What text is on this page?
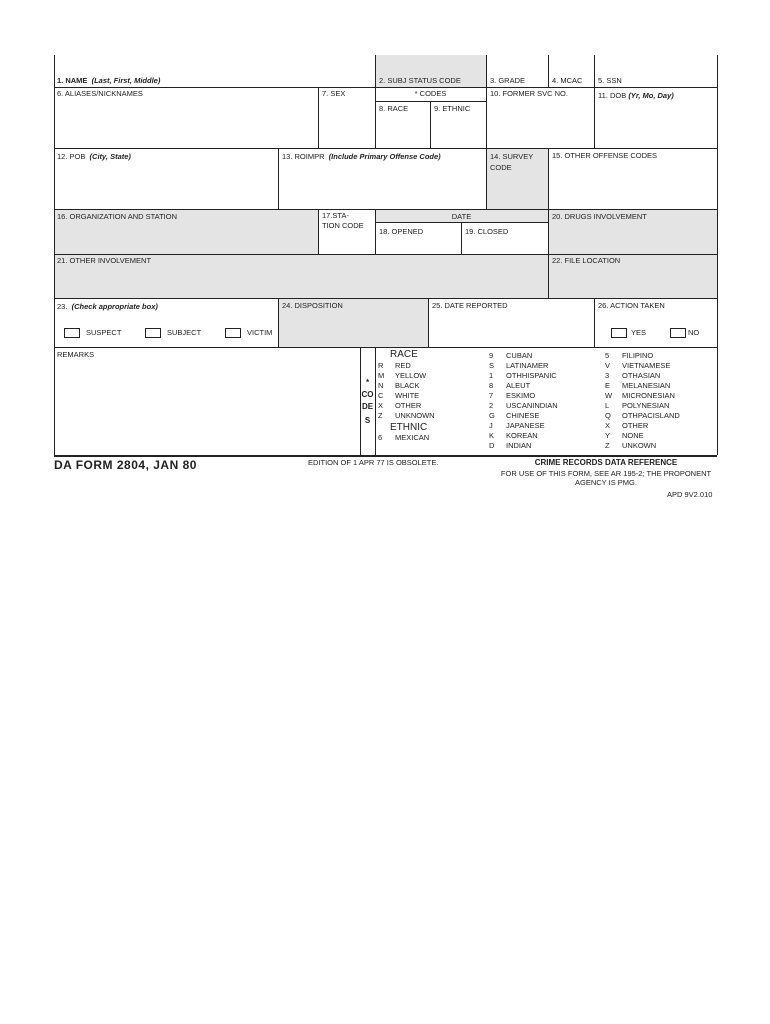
1. NAME (Last, First, Middle)	2. SUBJ STATUS CODE	3. GRADE	4. MCAC 5. SSN
6. ALIASES/NICKNAMES	7. SEX	* CODES
8. RACE	9. ETHNIC
10. FORMER SVC NO.	11. DOB (Yr, Mo, Day)
12. POB (City, State)	13. ROIMPR (Include Primary Offense Code)	14. SURVEY
CODE
15. OTHER OFFENSE CODES
16. ORGANIZATION AND STATION	17.STA-
TION CODE
DATE
18. OPENED	19. CLOSED
20. DRUGS INVOLVEMENT
21. OTHER INVOLVEMENT	22. FILE LOCATION
23. (Check appropriate box)
SUSPECT	SUBJECT	VICTIM
24. DISPOSITION	25. DATE REPORTED	26. ACTION TAKEN
YES	NO
REMARKS
*
CO
DE
S
RACE
R RED
M YELLOW
N BLACK
C WHITE
X OTHER
Z UNKNOWN
ETHNIC
6 MEXICAN
9 CUBAN
S LATINAMER
1 OTHHISPANIC
8 ALEUT
7 ESKIMO
2 USCANINDIAN
G CHINESE
J JAPANESE
K KOREAN
D INDIAN
5 FILIPINO
V VIETNAMESE
3 OTHASIAN
E MELANESIAN
W MICRONESIAN
L POLYNESIAN
Q OTHPACISLAND
X OTHER
Y NONE
Z UNKOWN
DA FORM 2804, JAN 80	EDITION OF 1 APR 77 IS OBSOLETE.	CRIME RECORDS DATA REFERENCE
FOR USE OF THIS FORM, SEE AR 195-2; THE PROPONENT
AGENCY IS PMG.
APD 9V2.010
